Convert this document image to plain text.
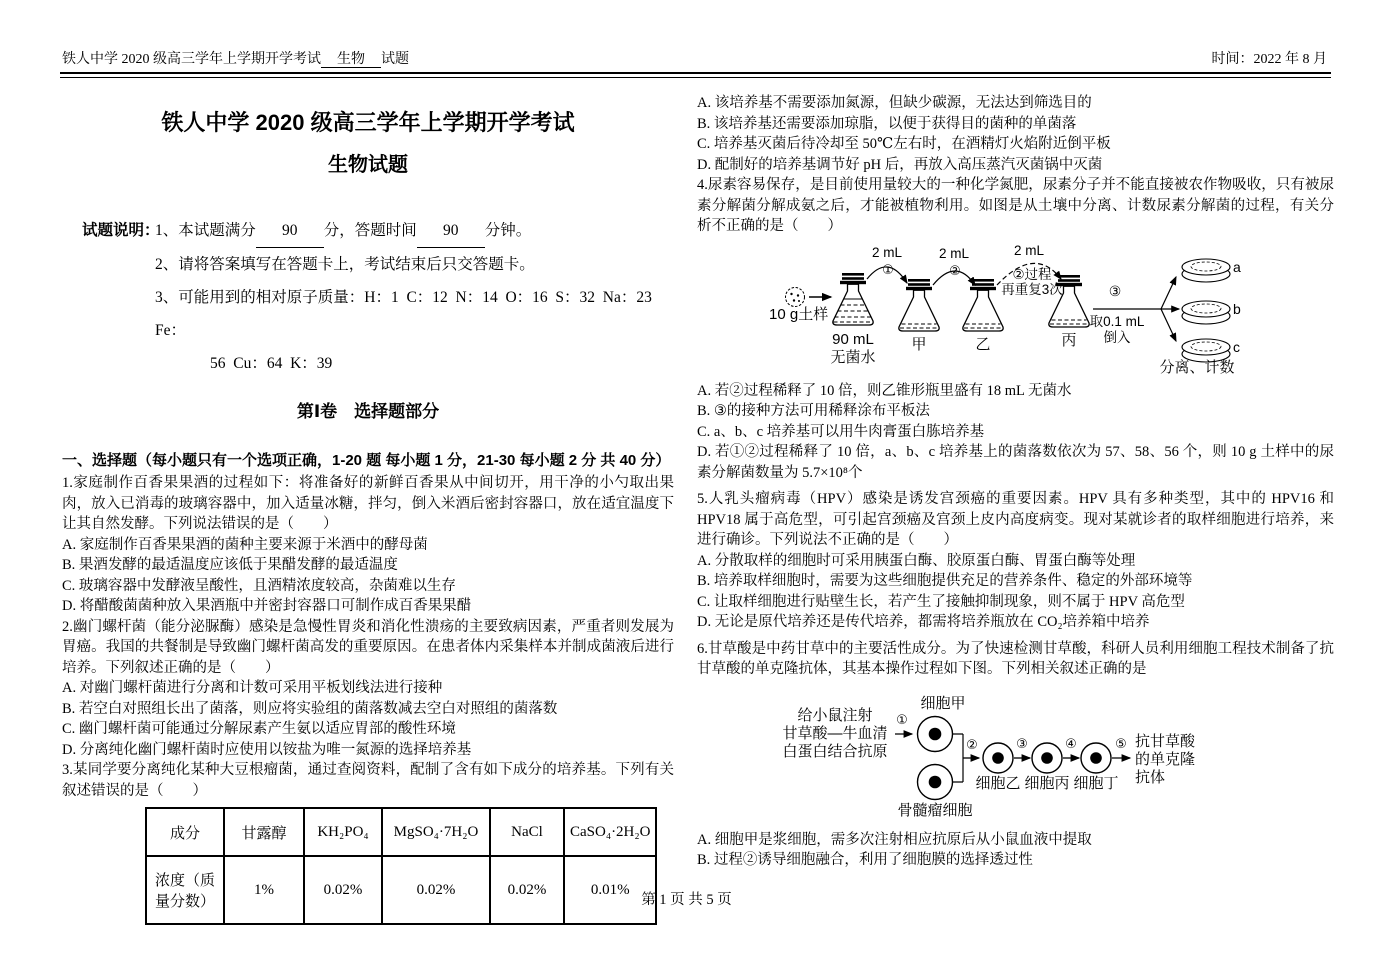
铁人中学 2020 级高三学年上学期开学考试 生物 试题	时间：2022 年 8 月
铁人中学 2020 级高三学年上学期开学考试
生物试题
试题说明：
1、本试题满分 90 分，答题时间 90 分钟。
2、请将答案填写在答题卡上，考试结束后只交答题卡。
3、可能用到的相对原子质量：H：1  C：12  N：14  O：16  S：32  Na：23  Fe：
56  Cu：64  K：39
第Ⅰ卷　选择题部分
一、选择题（每小题只有一个选项正确，1-20 题 每小题 1 分，21-30 每小题 2 分 共 40 分）
1.家庭制作百香果果酒的过程如下：将准备好的新鲜百香果从中间切开，用干净的小勺取出果肉，放入已消毒的玻璃容器中，加入适量冰糖，拌匀，倒入米酒后密封容器口，放在适宜温度下让其自然发酵。下列说法错误的是（　　）
A. 家庭制作百香果果酒的菌种主要来源于米酒中的酵母菌
B. 果酒发酵的最适温度应该低于果醋发酵的最适温度
C. 玻璃容器中发酵液呈酸性，且酒精浓度较高，杂菌难以生存
D. 将醋酸菌菌种放入果酒瓶中并密封容器口可制作成百香果果醋
2.幽门螺杆菌（能分泌脲酶）感染是急慢性胃炎和消化性溃疡的主要致病因素，严重者则发展为胃癌。我国的共餐制是导致幽门螺杆菌高发的重要原因。在患者体内采集样本并制成菌液后进行培养。下列叙述正确的是（　　）
A. 对幽门螺杆菌进行分离和计数可采用平板划线法进行接种
B. 若空白对照组长出了菌落，则应将实验组的菌落数减去空白对照组的菌落数
C. 幽门螺杆菌可能通过分解尿素产生氨以适应胃部的酸性环境
D. 分离纯化幽门螺杆菌时应使用以铵盐为唯一氮源的选择培养基
3.某同学要分离纯化某种大豆根瘤菌，通过查阅资料，配制了含有如下成分的培养基。下列有关叙述错误的是（　　）
成分	甘露醇	KH₂PO₄	MgSO₄·7H₂O	NaCl	CaSO₄·2H₂O
浓度（质量分数）	1%	0.02%	0.02%	0.02%	0.01%
A. 该培养基不需要添加氮源，但缺少碳源，无法达到筛选目的
B. 该培养基还需要添加琼脂，以便于获得目的菌种的单菌落
C. 培养基灭菌后待冷却至 50℃左右时，在酒精灯火焰附近倒平板
D. 配制好的培养基调节好 pH 后，再放入高压蒸汽灭菌锅中灭菌
4.尿素容易保存，是目前使用量较大的一种化学氮肥，尿素分子并不能直接被农作物吸收，只有被尿素分解菌分解成氨之后，才能被植物利用。如图是从土壤中分离、计数尿素分解菌的过程，有关分析不正确的是（　　）
10 g土样
90 mL
无菌水
甲	乙	丙
2 mL
①
2 mL
②
2 mL
②过程
再重复3次	③
取0.1 mL
倒入
a
b
c
分离、计数
A. 若②过程稀释了 10 倍，则乙锥形瓶里盛有 18 mL 无菌水
B. ③的接种方法可用稀释涂布平板法
C. a、b、c 培养基可以用牛肉膏蛋白胨培养基
D. 若①②过程稀释了 10 倍，a、b、c 培养基上的菌落数依次为 57、58、56 个，则 10 g 土样中的尿素分解菌数量为 5.7×10⁸个
5.人乳头瘤病毒（HPV）感染是诱发宫颈癌的重要因素。HPV 具有多种类型，其中的 HPV16 和 HPV18 属于高危型，可引起宫颈癌及宫颈上皮内高度病变。现对某就诊者的取样细胞进行培养，来进行确诊。下列说法不正确的是（　　）
A. 分散取样的细胞时可采用胰蛋白酶、胶原蛋白酶、胃蛋白酶等处理
B. 培养取样细胞时，需要为这些细胞提供充足的营养条件、稳定的外部环境等
C. 让取样细胞进行贴壁生长，若产生了接触抑制现象，则不属于 HPV 高危型
D. 无论是原代培养还是传代培养，都需将培养瓶放在 CO₂培养箱中培养
6.甘草酸是中药甘草中的主要活性成分。为了快速检测甘草酸，科研人员利用细胞工程技术制备了抗甘草酸的单克隆抗体，其基本操作过程如下图。下列相关叙述正确的是
给小鼠注射
甘草酸—牛血清
白蛋白结合抗原
①
细胞甲
骨髓瘤细胞
②
细胞乙
③
细胞丙
④
细胞丁
⑤ 抗甘草酸
的单克隆
抗体
A. 细胞甲是浆细胞，需多次注射相应抗原后从小鼠血液中提取
B. 过程②诱导细胞融合，利用了细胞膜的选择透过性
第 1 页 共 5 页
